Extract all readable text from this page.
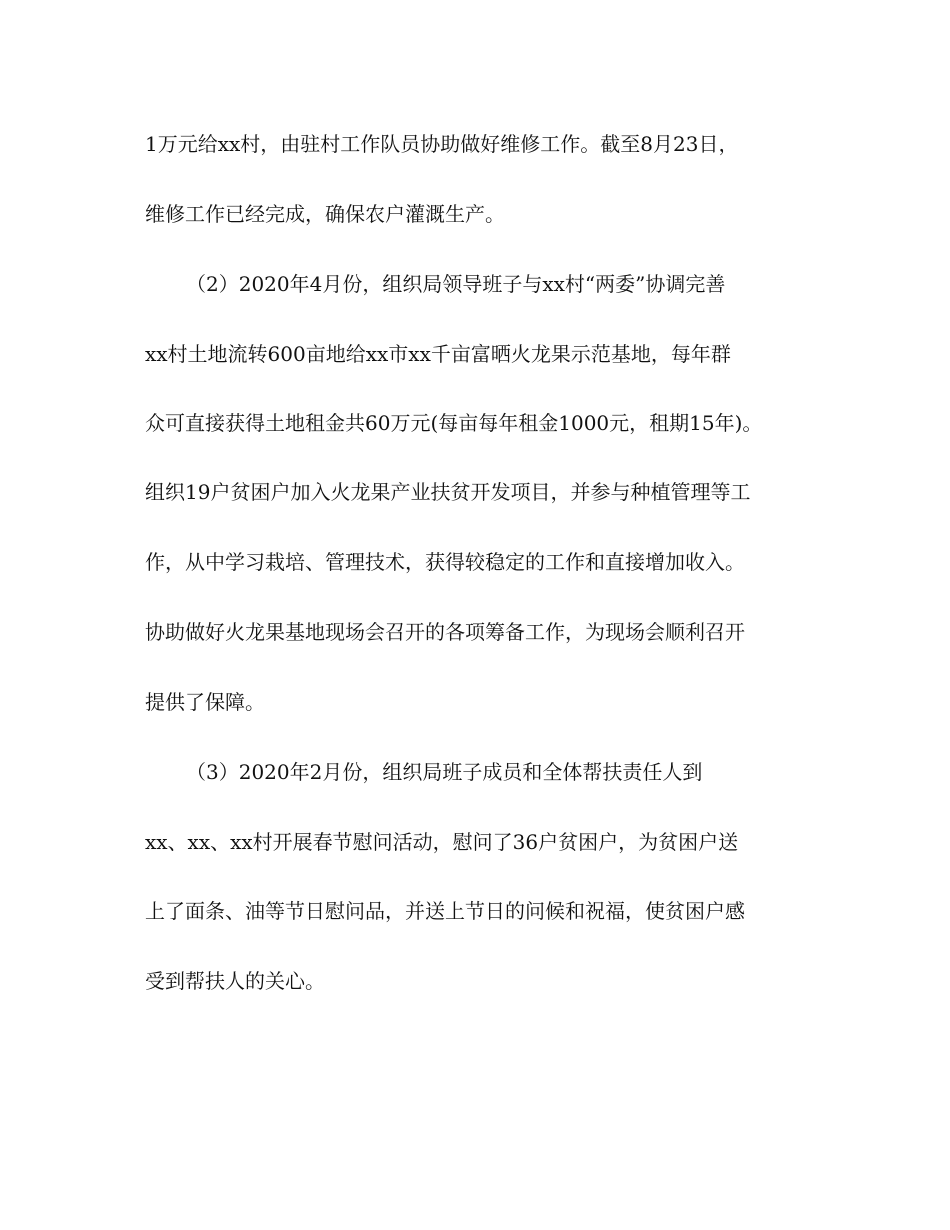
1万元给xx村，由驻村工作队员协助做好维修工作。截至8月23日，

维修工作已经完成，确保农户灌溉生产。

（2）2020年4月份，组织局领导班子与xx村“两委”协调完善

xx村土地流转600亩地给xx市xx千亩富晒火龙果示范基地，每年群

众可直接获得土地租金共60万元(每亩每年租金1000元，租期15年)。

组织19户贫困户加入火龙果产业扶贫开发项目，并参与种植管理等工

作，从中学习栽培、管理技术，获得较稳定的工作和直接增加收入。

协助做好火龙果基地现场会召开的各项筹备工作，为现场会顺利召开

提供了保障。

（3）2020年2月份，组织局班子成员和全体帮扶责任人到

xx、xx、xx村开展春节慰问活动，慰问了36户贫困户，为贫困户送

上了面条、油等节日慰问品，并送上节日的问候和祝福，使贫困户感

受到帮扶人的关心。
